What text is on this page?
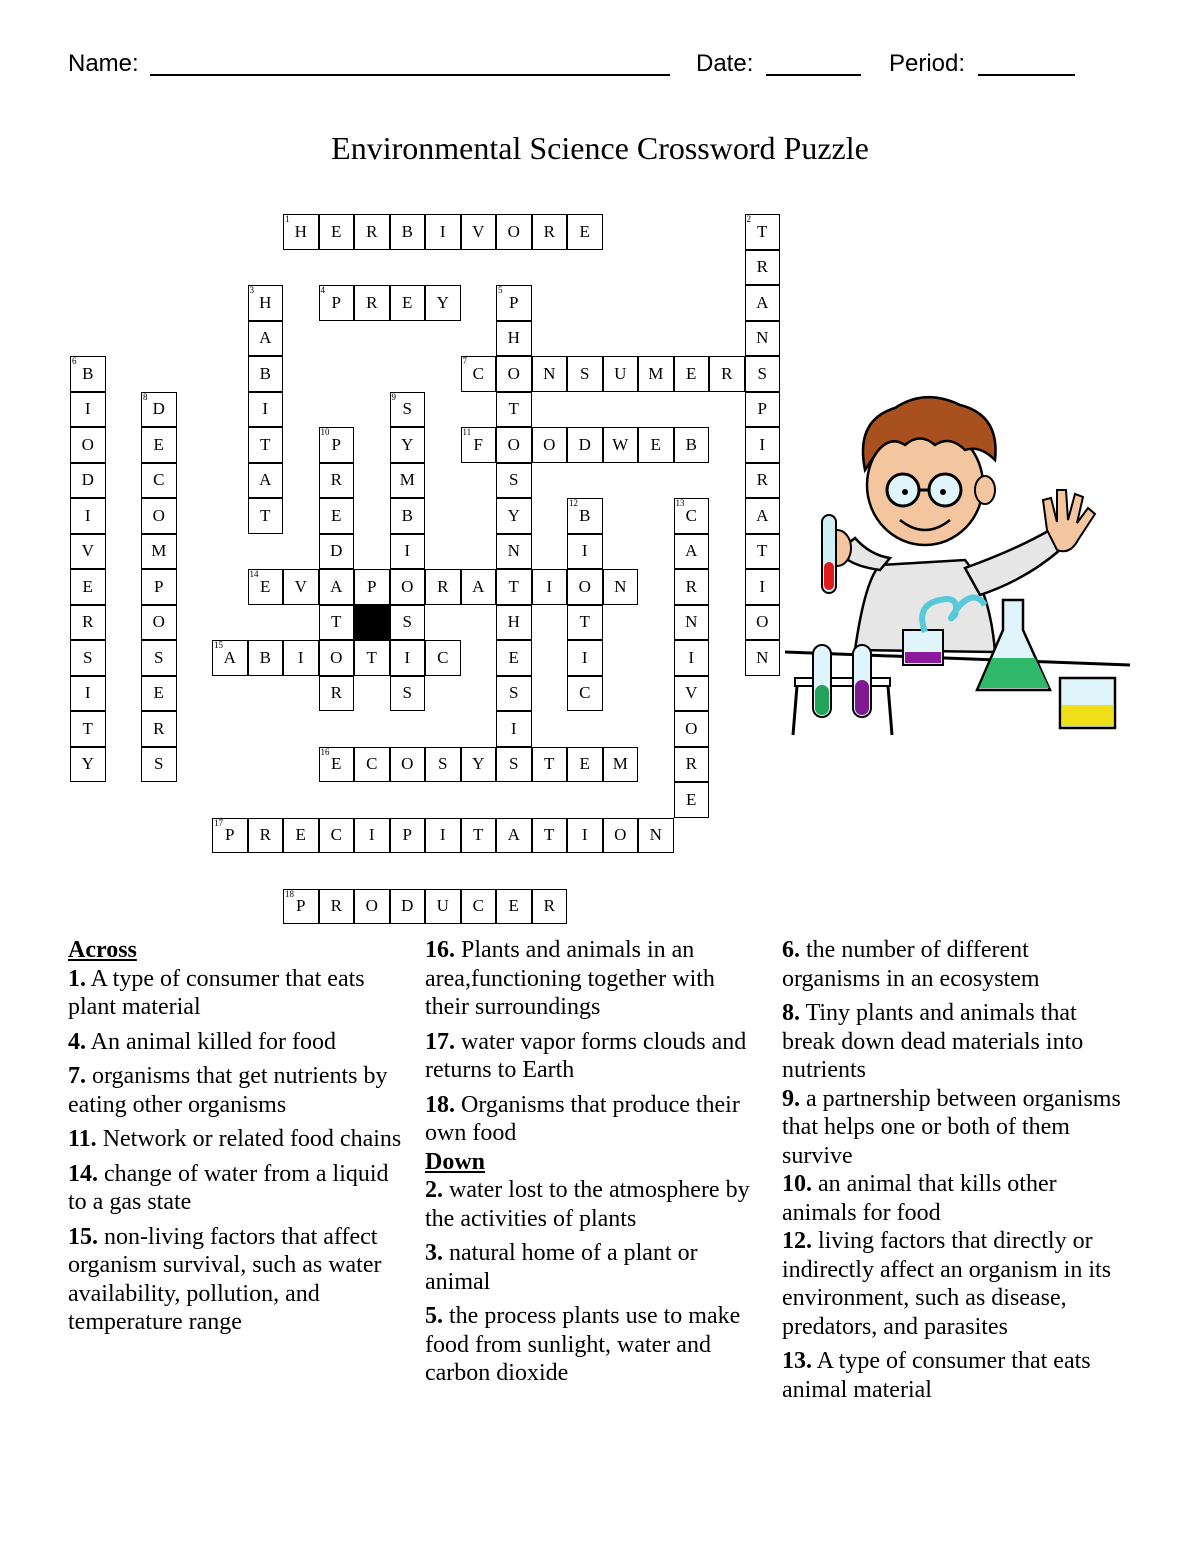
Name:	Date:	Period:
Environmental Science Crossword Puzzle
H
1
E R B I V O R E	T
2
R
A
N
S
P
I
R
A
T
I
O
N
H
3
A
B
I
T
A
T
P
4
R E Y	P
5
H
O
T
O
S
Y
N
T
H
E
S
I
S
B
6
I
O
D
I
V
E
R
S
I
T
Y
C
7
N S U M E R
D
8
E
C
O
M
P
O
S
E
R
S
S
9
Y
M
B
I
O
S
I
S
P
10
R
E
D
A
T
O
R
F
11
O D W E B
B
12
I
O
T
I
C
C
13
A
R
N
I
V
O
R
E
E
14
V	P	R A	I	N
A
15
B I	T	C
E
16
C O S Y	T E M
P
17
R E C I P I T A T I O N
P
18
R O D U C E R
Across
1. A type of consumer that eats plant material
4. An animal killed for food
7. organisms that get nutrients by eating other organisms
11. Network or related food chains
14. change of water from a liquid to a gas state
15. non-living factors that affect organism survival, such as water availability, pollution, and temperature range
16. Plants and animals in an area,functioning together with their surroundings
17. water vapor forms clouds and returns to Earth
18. Organisms that produce their own food
Down
2. water lost to the atmosphere by the activities of plants
3. natural home of a plant or animal
5. the process plants use to make food from sunlight, water and carbon dioxide
6. the number of different organisms in an ecosystem
8. Tiny plants and animals that break down dead materials into nutrients
9. a partnership between organisms that helps one or both of them survive
10. an animal that kills other animals for food
12. living factors that directly or indirectly affect an organism in its environment, such as disease, predators, and parasites
13. A type of consumer that eats animal material
